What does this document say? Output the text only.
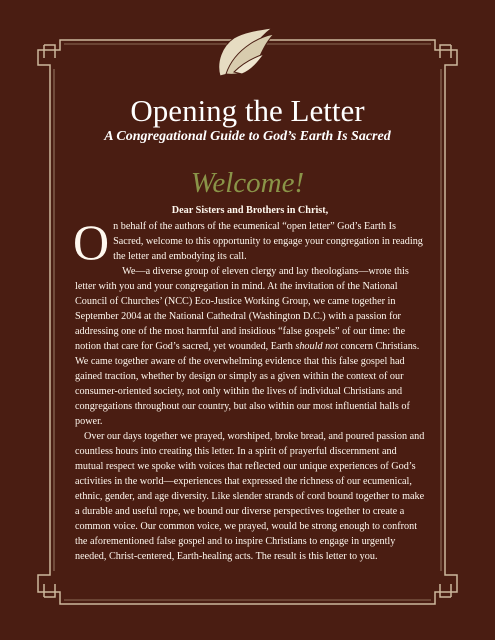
Opening the Letter
A Congregational Guide to God’s Earth Is Sacred
Welcome!

Dear Sisters and Brothers in Christ,

On behalf of the authors of the ecumenical “open letter” God’s Earth Is Sacred, welcome to this opportunity to engage your congregation in reading the letter and embodying its call.

We—a diverse group of eleven clergy and lay theologians—wrote this letter with you and your congregation in mind. At the invitation of the National Council of Churches’ (NCC) Eco-Justice Working Group, we came together in September 2004 at the National Cathedral (Washington D.C.) with a passion for addressing one of the most harmful and insidious “false gospels” of our time: the notion that care for God’s sacred, yet wounded, Earth should not concern Christians. We came together aware of the overwhelming evidence that this false gospel had gained traction, whether by design or simply as a given within the context of our consumer-oriented society, not only within the lives of individual Christians and congregations throughout our country, but also within our most influential halls of power.

Over our days together we prayed, worshiped, broke bread, and poured passion and countless hours into creating this letter. In a spirit of prayerful discernment and mutual respect we spoke with voices that reflected our unique experiences of God’s activities in the world—experiences that expressed the richness of our ecumenical, ethnic, gender, and age diversity. Like slender strands of cord bound together to make a durable and useful rope, we bound our diverse perspectives together to create a common voice. Our common voice, we prayed, would be strong enough to confront the aforementioned false gospel and to inspire Christians to engage in urgently needed, Christ-centered, Earth-healing acts. The result is this letter to you.
